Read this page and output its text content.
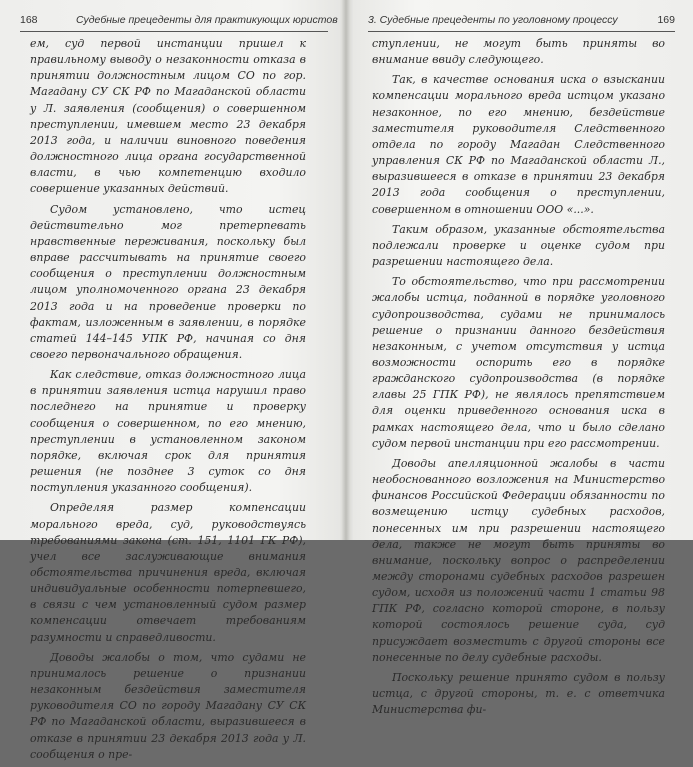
168	Судебные прецеденты для практикующих юристов

ем, суд первой инстанции пришел к правильному выводу о незаконности отказа в принятии должностным лицом СО по гор. Магадану СУ СК РФ по Магаданской области у Л. заявления (сообщения) о совершенном преступлении, имевшем место 23 декабря 2013 года, и наличии виновного поведения должностного лица органа государственной власти, в чью компетенцию входило совершение указанных действий.

Судом установлено, что истец действительно мог претерпевать нравственные переживания, поскольку был вправе рассчитывать на принятие своего сообщения о преступлении должностным лицом уполномоченного органа 23 декабря 2013 года и на проведение проверки по фактам, изложенным в заявлении, в порядке статей 144–145 УПК РФ, начиная со дня своего первоначального обращения.

Как следствие, отказ должностного лица в принятии заявления истца нарушил право последнего на принятие и проверку сообщения о совершенном, по его мнению, преступлении в установленном законом порядке, включая срок для принятия решения (не позднее 3 суток со дня поступления указанного сообщения).

Определяя размер компенсации морального вреда, суд, руководствуясь требованиями закона (ст. 151, 1101 ГК РФ), учел все заслуживающие внимания обстоятельства причинения вреда, включая индивидуальные особенности потерпевшего, в связи с чем установленный судом размер компенсации отвечает требованиям разумности и справедливости.

Доводы жалобы о том, что судами не принималось решение о признании незаконным бездействия заместителя руководителя СО по городу Магадану СУ СК РФ по Магаданской области, выразившееся в отказе в принятии 23 декабря 2013 года у Л. сообщения о пре-

3. Судебные прецеденты по уголовному процессу	169

ступлении, не могут быть приняты во внимание ввиду следующего.

Так, в качестве основания иска о взыскании компенсации морального вреда истцом указано незаконное, по его мнению, бездействие заместителя руководителя Следственного отдела по городу Магадан Следственного управления СК РФ по Магаданской области Л., выразившееся в отказе в принятии 23 декабря 2013 года сообщения о преступлении, совершенном в отношении ООО «...».

Таким образом, указанные обстоятельства подлежали проверке и оценке судом при разрешении настоящего дела.

То обстоятельство, что при рассмотрении жалобы истца, поданной в порядке уголовного судопроизводства, судами не принималось решение о признании данного бездействия незаконным, с учетом отсутствия у истца возможности оспорить его в порядке гражданского судопроизводства (в порядке главы 25 ГПК РФ), не являлось препятствием для оценки приведенного основания иска в рамках настоящего дела, что и было сделано судом первой инстанции при его рассмотрении.

Доводы апелляционной жалобы в части необоснованного возложения на Министерство финансов Российской Федерации обязанности по возмещению истцу судебных расходов, понесенных им при разрешении настоящего дела, также не могут быть приняты во внимание, поскольку вопрос о распределении между сторонами судебных расходов разрешен судом, исходя из положений части 1 статьи 98 ГПК РФ, согласно которой стороне, в пользу которой состоялось решение суда, суд присуждает возместить с другой стороны все понесенные по делу судебные расходы.

Поскольку решение принято судом в пользу истца, с другой стороны, т. е. с ответчика Министерства фи-
